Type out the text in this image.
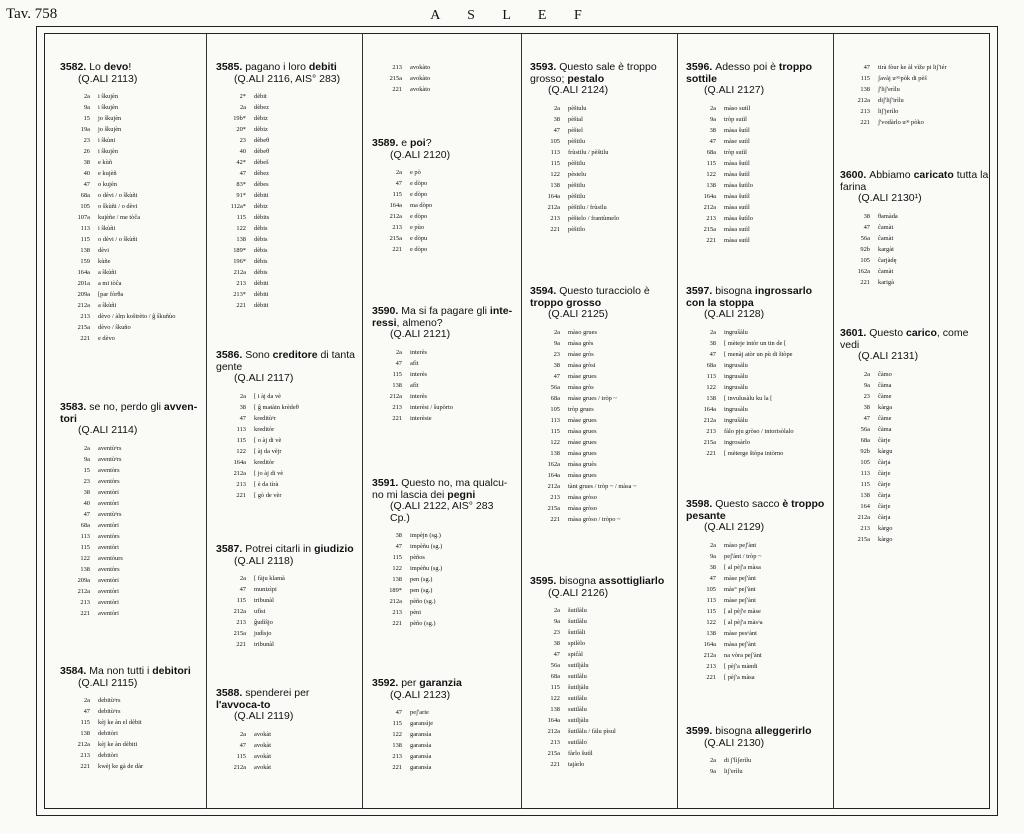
Tav. 758	A S L E F
3582. Lo devo!
(Q.ALI 2113)
2a i ŝkujèn
9a i ŝkujèn
15 jo ŝkujèn
19a jo ŝkujèn
23 i ŝkùni
26 i ŝkujèn
38 e kùñ
40 e kujèñ
47 o kujèn
68a o dèvi / o ŝkùñi
105 o ŝkùñi / o dèvi
107a kujèñe / me tòĉa
113 i ŝkùñi
115 o dèvi / o ŝkùñi
138 dèvi
159 kùñe
164a a ŝkùñi
201a a mi tòĉa
209a [par fòrθa
212a a ŝkùñi
213 dèvo / àlṃ koštrèto / ĝ ŝkuñùo
215a dèvo / ŝkuño
221 e dèvo
3583. se no, perdo gli avven-tori
(Q.ALI 2114)
2a aventùᵒrs
9a aventùᵒrs
15 aventòrs
23 aventòrs
38 aventòri
40 aventòri
47 aventùᵒrs
68a aventòri
113 aventòrs
115 aventòri
122 aventòurs
138 aventòrs
209a aventòri
212a aventòri
213 aventòri
221 aventòri
3584. Ma non tutti i debitori
(Q.ALI 2115)
2a debitùᵒrs
47 debitùᵒrs
115 kèj ke àn el dèbit
138 debitòri
212a kèj ke àn dèbiti
213 debitòri
221 kwèj ke gà de dàr
3585. pagano i loro debiti
(Q.ALI 2116, AIS° 283)
2* dèbit
2a dèbez
19b* dèbiz
20* dèbiz
23 dèbeθ
40 dèbeθ
42* dèbeš
47 dèbez
83* dèbes
91* dèbiti
112a* dèbiz
115 dèbits
122 dèbis
138 dèbis
189* dèbis
196* dèbis
212a dèbis
213 dèbiti
213* dèbiti
221 dèbiti
3586. Sono creditore di tanta gente
(Q.ALI 2117)
2a [ i àj da vè
38 [ ĝ maŧàin krèdeθ
47 kreditùᵒr
113 kreditòr
115 [ o àj di vè
122 [ àj da vèjr
164a kreditòr
212a [ jo àj di vè
213 [ è da tìrà
221 [ gò de vèr
3587. Potrei citarli in giudizio
(Q.ALI 2118)
2a [ fàju klamà
47 munizìpi
115 tribunàl
212a ufìsi
213 ĝudìŝjo
215a judìsjo
221 tribunàl
3588. spenderei per l'avvoca-to
(Q.ALI 2119)
2a avokàt
47 avokàt
115 avokàt
212a avokàt
213 avokàto
215a avokàto
221 avokàto
3589. e poi?
(Q.ALI 2120)
2a e pò
47 e dòpo
115 e dòpo
164a ma dòpo
212a e dòpo
213 e pùo
215a e dòpu
221 e dòpo
3590. Ma si fa pagare gli inte-ressi, almeno?
(Q.ALI 2121)
2a interès
47 afìt
115 interès
138 afìt
212a interès
213 interèsi / ŝupòrto
221 interèsie
3591. Questo no, ma qualcu-no mi lascia dei pegni
(Q.ALI 2122, AIS° 283 Cp.)
38 impèjn (sg.)
47 impèñu (sg.)
115 pèños
122 impèñu (sg.)
138 pen (sg.)
189* pen (sg.)
212a pèño (sg.)
213 pèni
221 pèño (sg.)
3592. per garanzia
(Q.ALI 2123)
47 peʃ'arie
115 garansìje
122 garansìa
138 garansìa
213 garansìa
221 garansìa
3593. Questo sale è troppo grosso; pestalo
(Q.ALI 2124)
2a pèštulu
38 pèštal
47 pèštel
105 pèštilu
113 frùstilu / pèštilu
115 pèštilu
122 pèstelu
138 pèštilu
164a pèštilu
212a pèštilu / frùsilu
213 pèštelo / frantùmelo
221 pèštilo
3594. Questo turacciolo è troppo grosso
(Q.ALI 2125)
2a màso grues
9a màsa grès
23 màse gròs
38 màsa gròsi
47 màse grues
56a màsa gròs
68a màse grues / tròp ~
105 tròp grues
113 màse grues
115 màsa grues
122 màse grues
138 màsa grues
162a màsa gruès
164a màsa grues
212a tànt grues / tròp ~ / màsa ~
213 màsa gròso
215a màsa gròso
221 màsa gròso / tròpo ~
3595. bisogna assottigliarlo
(Q.ALI 2126)
2a šutilàlu
9a šutilàlu
23 ŝutilàli
38 spilèlo
47 spiĉàl
56a sutiljàlu
68a sutilàlu
115 šutiljàlu
122 sutilàlu
138 sutilàlu
164a sutiljàlu
212a šutilàlu / fàlu pìsul
213 sutilàlo
215a fàrlo šutìl
221 tajàrlo
3596. Adesso poi è troppo sottile
(Q.ALI 2127)
2a màso sutìl
9a tròp sutìl
38 màsa šutìl
47 màse sutìl
68a tròp sutìl
115 màsa šutìl
122 màsa šutìl
138 màsa šutìlo
164a màsa šutìl
212a màsa sutìl
213 màsa šutìlo
215a màsa sutìl
221 màsa sutìl
3597. bisogna ingrossarlo con la stoppa
(Q.ALI 2128)
2a ingruŝàlu
38 [ mèteje intòr un tin de [
47 [ menàj atòr un pù di štòpe
68a ingrusàlu
113 ingrusàlu
122 ingrusàlu
138 [ invulusàlu ku la [
164a ingrusàlu
212a ingruŝàlu
213 fàlo pju gròso / intorisòlalo
215a ingrosàrlo
221 [ mèterge štòpa intòrno
3598. Questo sacco è troppo pesante
(Q.ALI 2129)
2a màso peʃ'ànt
9a peʃ'ànt / tròp ~
38 [ al pèʃ'a màsa
47 màse peʃ'ànt
105 màs° peʃ'ànt
113 màse peʃ'ànt
115 [ al pèʃ'e màse
122 [ al pèʃ'a màsᵃa
138 màse pesᵒànt
164a màsa peʃ'ànt
212a na vòra peʃ'ànt
213 [ pèʃ'a màndi
221 [ pèʃ'a màsa
3599. bisogna alleggerirlo
(Q.ALI 2130)
2a di ʃ'lìʃerìlu
9a liʃ'erìlu
47 tirà fòur ke àl vìže pi liʃ'iér
115 ʃavàj uᵒᵐpòk di pèš
138 ʃ'liʃ'erìlu
212a diʃ'liʃ'irìlu
213 liʃ'jerìlo
221 ʃ'vodàrlo uᵒⁿ pòko
3600. Abbiamo caricato tutta la farina
(Q.ALI 2130¹)
38 θamàda
47 ĉamàt
56a ĉamàt
92b kargàt
105 ĉarjàdę
162a ĉamàt
221 karigà
3601. Questo carico, come vedi
(Q.ALI 2131)
2a ĉàmo
9a ĉàma
23 ĉàme
38 kàrga
47 ĉàme
56a ĉàma
68a ĉàrje
92b kàrgu
105 ĉàrja
113 ĉàrje
115 ĉàrje
138 ĉàrja
164 ĉàrje
212a ĉàrja
213 kàrgo
215a kàrgo
